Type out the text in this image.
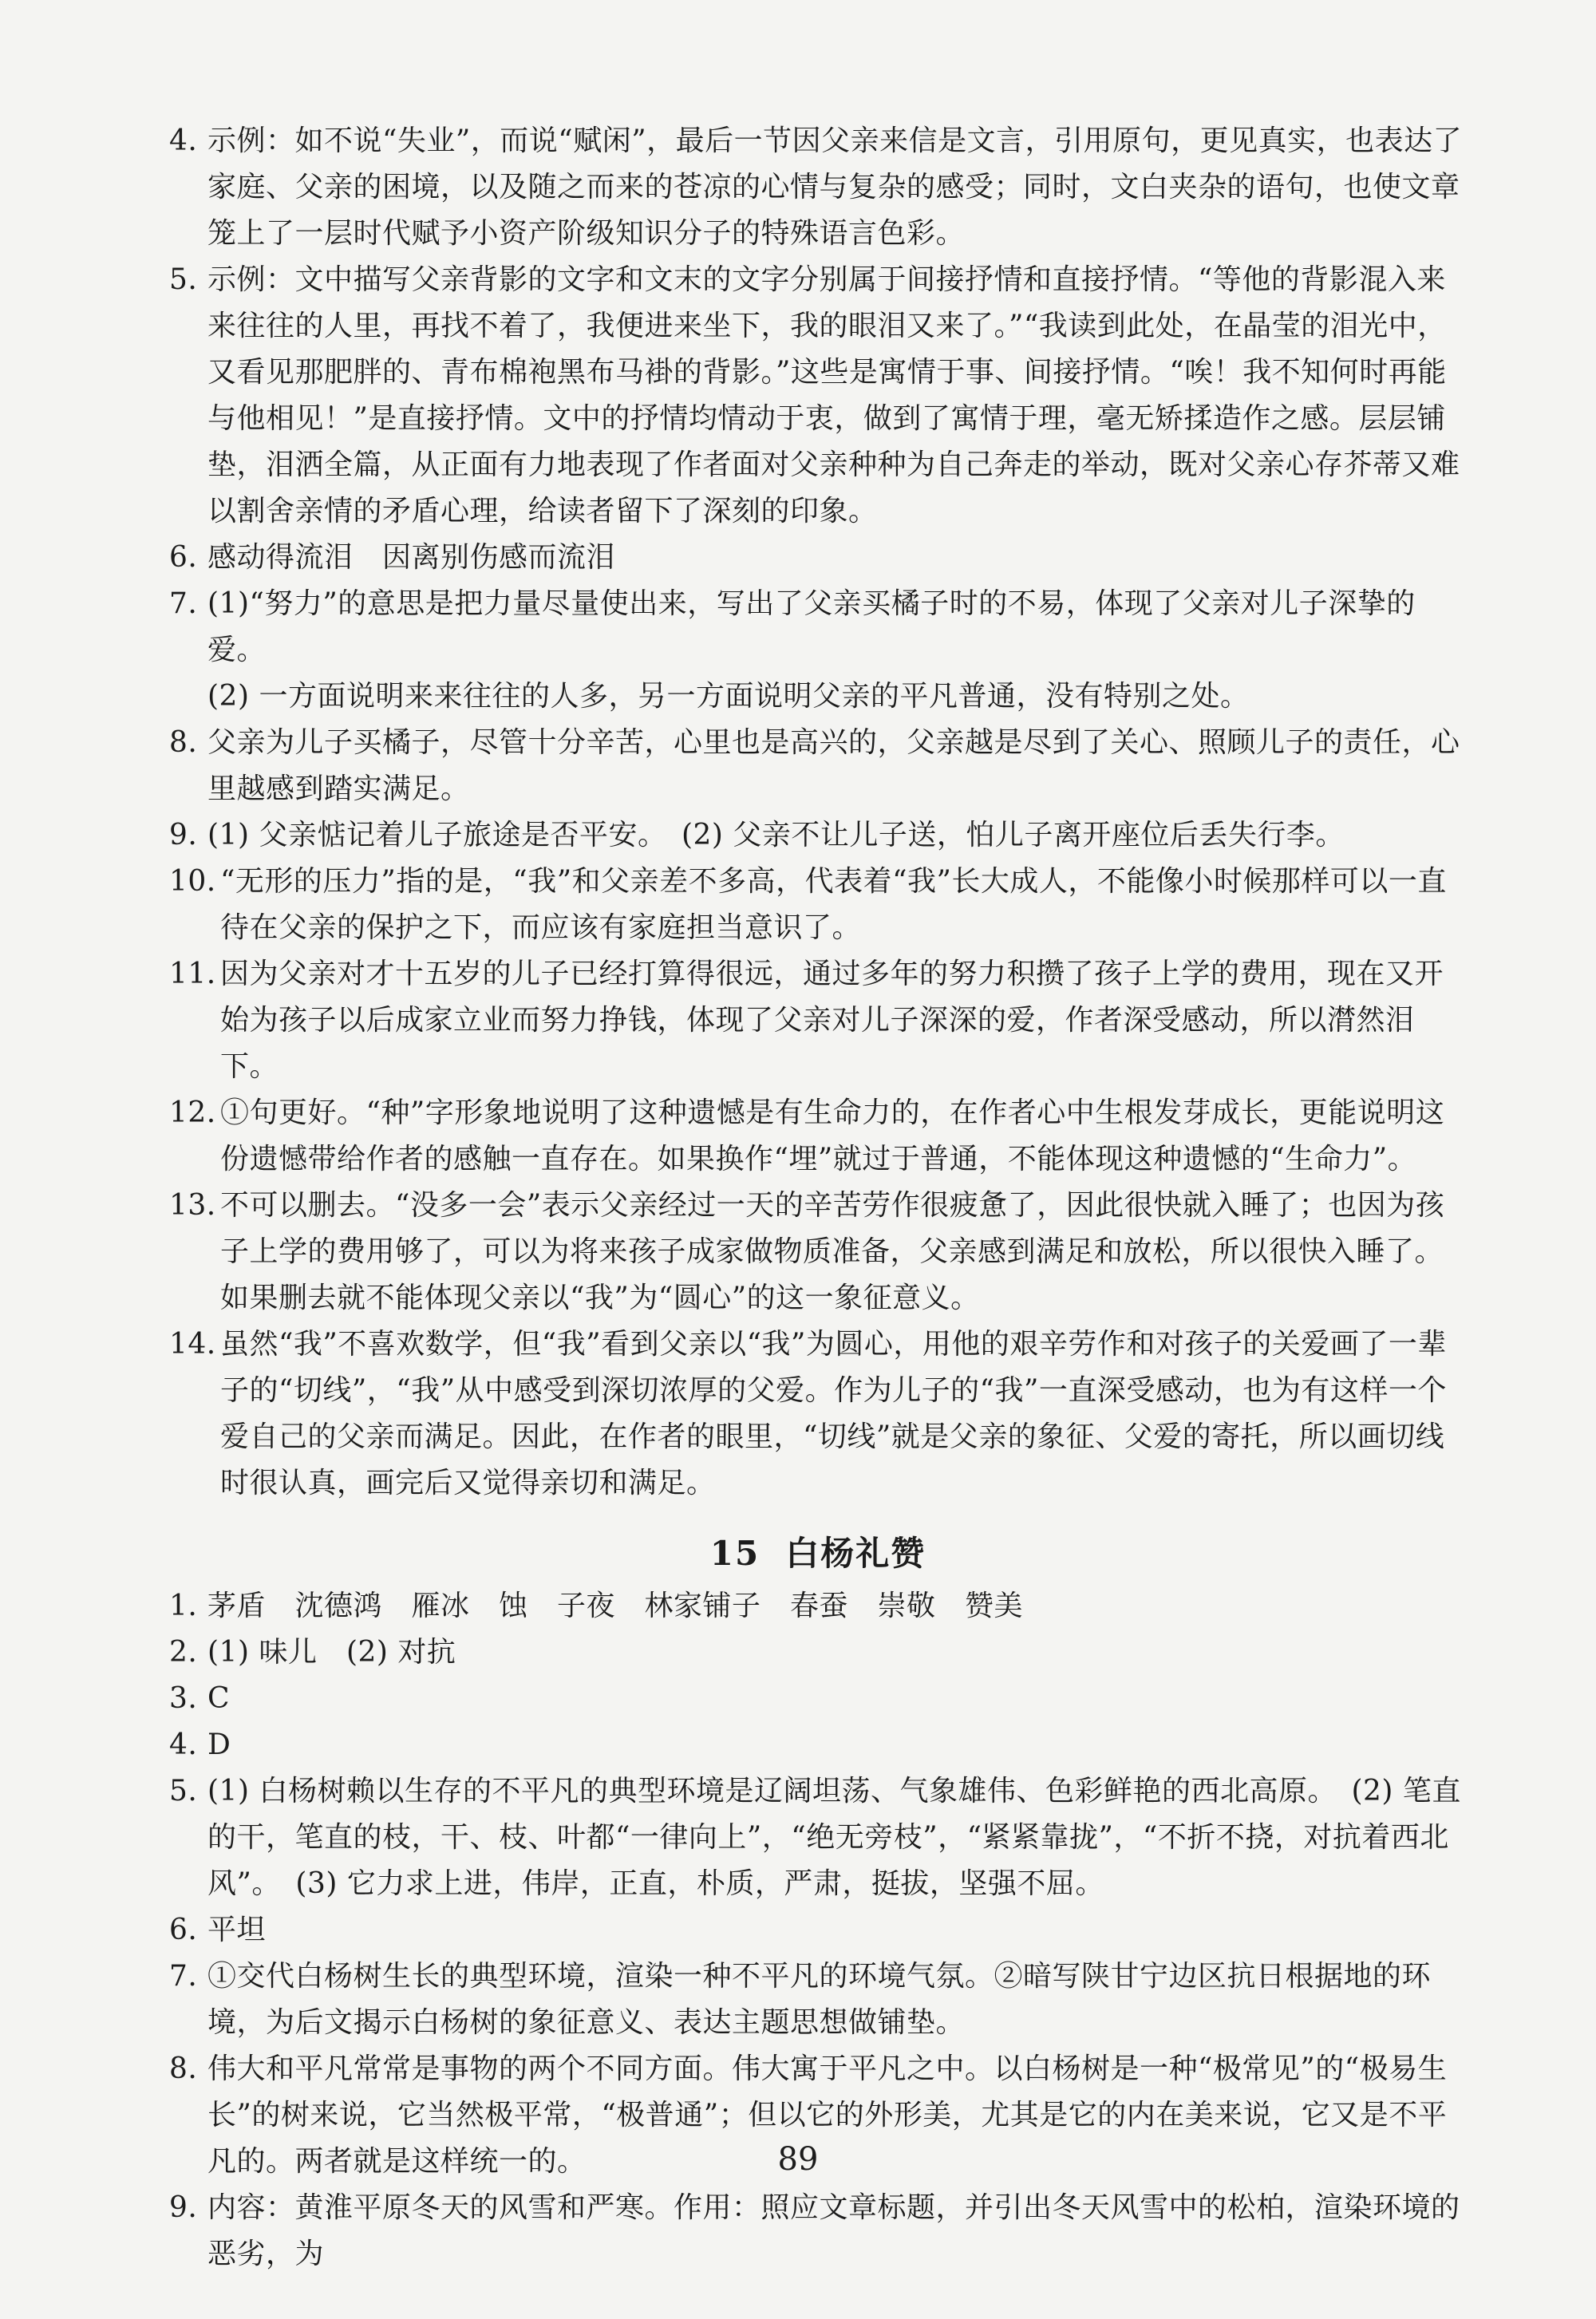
4. 示例：如不说“失业”，而说“赋闲”，最后一节因父亲来信是文言，引用原句，更见真实，也表达了家庭、父亲的困境，以及随之而来的苍凉的心情与复杂的感受；同时，文白夹杂的语句，也使文章笼上了一层时代赋予小资产阶级知识分子的特殊语言色彩。
5. 示例：文中描写父亲背影的文字和文末的文字分别属于间接抒情和直接抒情。“等他的背影混入来来往往的人里，再找不着了，我便进来坐下，我的眼泪又来了。”“我读到此处，在晶莹的泪光中，又看见那肥胖的、青布棉袍黑布马褂的背影。”这些是寓情于事、间接抒情。“唉！我不知何时再能与他相见！”是直接抒情。文中的抒情均情动于衷，做到了寓情于理，毫无矫揉造作之感。层层铺垫，泪洒全篇，从正面有力地表现了作者面对父亲种种为自己奔走的举动，既对父亲心存芥蒂又难以割舍亲情的矛盾心理，给读者留下了深刻的印象。
6. 感动得流泪　因离别伤感而流泪
7. (1)“努力”的意思是把力量尽量使出来，写出了父亲买橘子时的不易，体现了父亲对儿子深挚的爱。
(2) 一方面说明来来往往的人多，另一方面说明父亲的平凡普通，没有特别之处。
8. 父亲为儿子买橘子，尽管十分辛苦，心里也是高兴的，父亲越是尽到了关心、照顾儿子的责任，心里越感到踏实满足。
9. (1) 父亲惦记着儿子旅途是否平安。　(2) 父亲不让儿子送，怕儿子离开座位后丢失行李。
10. “无形的压力”指的是，“我”和父亲差不多高，代表着“我”长大成人，不能像小时候那样可以一直待在父亲的保护之下，而应该有家庭担当意识了。
11. 因为父亲对才十五岁的儿子已经打算得很远，通过多年的努力积攒了孩子上学的费用，现在又开始为孩子以后成家立业而努力挣钱，体现了父亲对儿子深深的爱，作者深受感动，所以潸然泪下。
12. ①句更好。“种”字形象地说明了这种遗憾是有生命力的，在作者心中生根发芽成长，更能说明这份遗憾带给作者的感触一直存在。如果换作“埋”就过于普通，不能体现这种遗憾的“生命力”。
13. 不可以删去。“没多一会”表示父亲经过一天的辛苦劳作很疲惫了，因此很快就入睡了；也因为孩子上学的费用够了，可以为将来孩子成家做物质准备，父亲感到满足和放松，所以很快入睡了。如果删去就不能体现父亲以“我”为“圆心”的这一象征意义。
14. 虽然“我”不喜欢数学，但“我”看到父亲以“我”为圆心，用他的艰辛劳作和对孩子的关爱画了一辈子的“切线”，“我”从中感受到深切浓厚的父爱。作为儿子的“我”一直深受感动，也为有这样一个爱自己的父亲而满足。因此，在作者的眼里，“切线”就是父亲的象征、父爱的寄托，所以画切线时很认真，画完后又觉得亲切和满足。
15 白杨礼赞
1. 茅盾　沈德鸿　雁冰　蚀　子夜　林家铺子　春蚕　崇敬　赞美
2. (1) 味儿　(2) 对抗
3. C
4. D
5. (1) 白杨树赖以生存的不平凡的典型环境是辽阔坦荡、气象雄伟、色彩鲜艳的西北高原。　(2) 笔直的干，笔直的枝，干、枝、叶都“一律向上”，“绝无旁枝”，“紧紧靠拢”，“不折不挠，对抗着西北风”。　(3) 它力求上进，伟岸，正直，朴质，严肃，挺拔，坚强不屈。
6. 平坦
7. ①交代白杨树生长的典型环境，渲染一种不平凡的环境气氛。②暗写陕甘宁边区抗日根据地的环境，为后文揭示白杨树的象征意义、表达主题思想做铺垫。
8. 伟大和平凡常常是事物的两个不同方面。伟大寓于平凡之中。以白杨树是一种“极常见”的“极易生长”的树来说，它当然极平常，“极普通”；但以它的外形美，尤其是它的内在美来说，它又是不平凡的。两者就是这样统一的。
9. 内容：黄淮平原冬天的风雪和严寒。作用：照应文章标题，并引出冬天风雪中的松柏，渲染环境的恶劣，为
89
